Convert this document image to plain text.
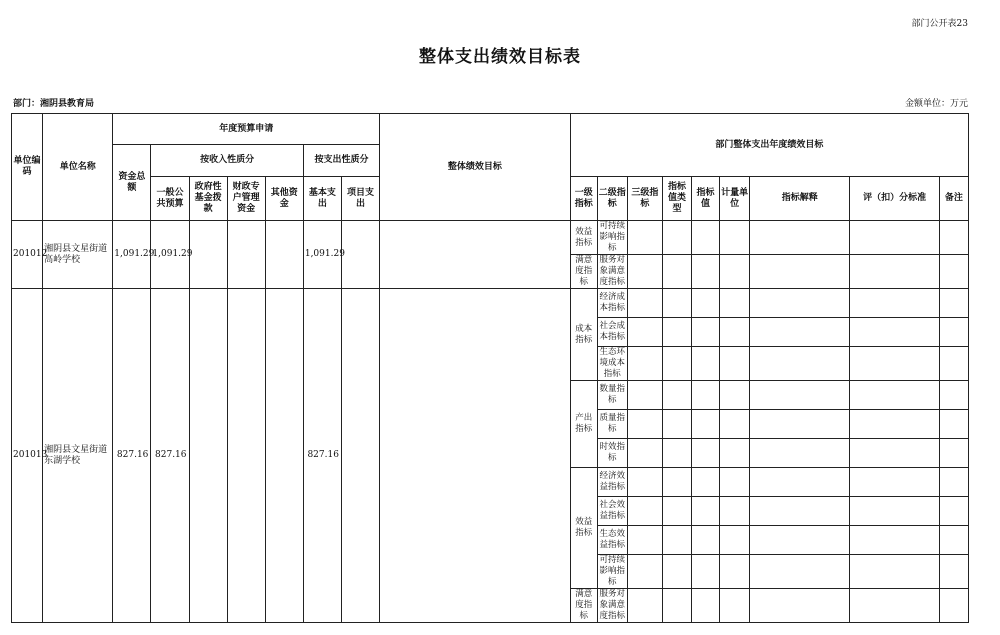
部门公开表23
整体支出绩效目标表
部门：湘阴县教育局	金额单位：万元
单位编码	单位名称	年度预算申请							整体绩效目标	部门整体支出年度绩效目标								
		资金总额	按收入性质分				按支出性质分											
			一般公共预算	政府性基金拨款	财政专户管理资金	其他资金	基本支出	项目支出		一级指标	二级指标	三级指标	指标值类型	指标值	计量单位	指标解释	评（扣）分标准	备注
201012	湘阴县文星街道高岭学校	1,091.29	1,091.29				1,091.29			效益指标	可持续影响指标							
										满意度指标	服务对象满意度指标							
201013	湘阴县文星街道东湖学校	827.16	827.16				827.16			成本指标	经济成本指标							
											社会成本指标							
											生态环境成本指标							
										产出指标	数量指标							
											质量指标							
											时效指标							
										效益指标	经济效益指标							
											社会效益指标							
											生态效益指标							
											可持续影响指标							
										满意度指标	服务对象满意度指标							
